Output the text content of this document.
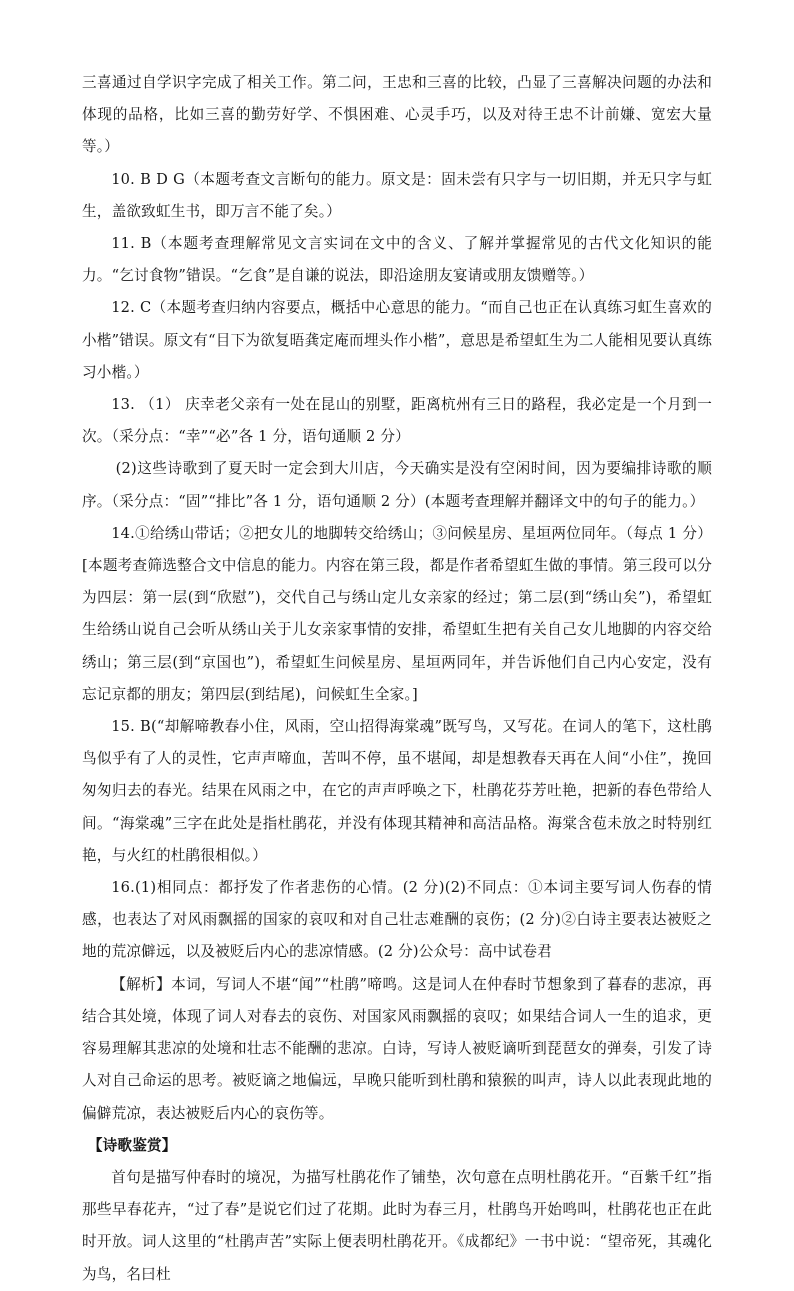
三喜通过自学识字完成了相关工作。第二问，王忠和三喜的比较，凸显了三喜解决问题的办法和体现的品格，比如三喜的勤劳好学、不惧困难、心灵手巧，以及对待王忠不计前嫌、宽宏大量等。）

10. B D G（本题考查文言断句的能力。原文是：固未尝有只字与一切旧期，并无只字与虹生，盖欲致虹生书，即万言不能了矣。）

11. B（本题考查理解常见文言实词在文中的含义、了解并掌握常见的古代文化知识的能力。“乞讨食物”错误。“乞食”是自谦的说法，即沿途朋友宴请或朋友馈赠等。）

12. C（本题考查归纳内容要点，概括中心意思的能力。“而自己也正在认真练习虹生喜欢的小楷”错误。原文有“目下为欲复晤龚定庵而埋头作小楷”，意思是希望虹生为二人能相见要认真练习小楷。）

13. （1） 庆幸老父亲有一处在昆山的别墅，距离杭州有三日的路程，我必定是一个月到一次。（采分点：“幸”“必”各 1 分，语句通顺 2 分）

(2)这些诗歌到了夏天时一定会到大川店，今天确实是没有空闲时间，因为要编排诗歌的顺序。（采分点：“固”“排比”各 1 分，语句通顺 2 分）(本题考查理解并翻译文中的句子的能力。）

14.①给绣山带话；②把女儿的地脚转交给绣山；③问候星房、星垣两位同年。（每点 1 分）[本题考查筛选整合文中信息的能力。内容在第三段，都是作者希望虹生做的事情。第三段可以分为四层：第一层(到“欣慰”)，交代自己与绣山定儿女亲家的经过；第二层(到“绣山矣”)，希望虹生给绣山说自己会听从绣山关于儿女亲家事情的安排，希望虹生把有关自己女儿地脚的内容交给绣山；第三层(到“京国也”)，希望虹生问候星房、星垣两同年，并告诉他们自己内心安定，没有忘记京都的朋友；第四层(到结尾)，问候虹生全家。]

15. B(“却解啼教春小住，风雨，空山招得海棠魂”既写鸟，又写花。在词人的笔下，这杜鹃鸟似乎有了人的灵性，它声声啼血，苦叫不停，虽不堪闻，却是想教春天再在人间“小住”，挽回匆匆归去的春光。结果在风雨之中，在它的声声呼唤之下，杜鹃花芬芳吐艳，把新的春色带给人间。“海棠魂”三字在此处是指杜鹃花，并没有体现其精神和高洁品格。海棠含苞未放之时特别红艳，与火红的杜鹃很相似。）

16.(1)相同点：都抒发了作者悲伤的心情。(2 分)(2)不同点：①本词主要写词人伤春的情感，也表达了对风雨飘摇的国家的哀叹和对自己壮志难酬的哀伤；(2 分)②白诗主要表达被贬之地的荒凉僻远，以及被贬后内心的悲凉情感。(2 分)公众号：高中试卷君

【解析】本词，写词人不堪“闻”“杜鹃”啼鸣。这是词人在仲春时节想象到了暮春的悲凉，再结合其处境，体现了词人对春去的哀伤、对国家风雨飘摇的哀叹；如果结合词人一生的追求，更容易理解其悲凉的处境和壮志不能酬的悲凉。白诗，写诗人被贬谪听到琵琶女的弹奏，引发了诗人对自己命运的思考。被贬谪之地偏远，早晚只能听到杜鹃和猿猴的叫声，诗人以此表现此地的偏僻荒凉，表达被贬后内心的哀伤等。

【诗歌鉴赏】

首句是描写仲春时的境况，为描写杜鹃花作了铺垫，次句意在点明杜鹃花开。“百紫千红”指那些早春花卉，“过了春”是说它们过了花期。此时为春三月，杜鹃鸟开始鸣叫，杜鹃花也正在此时开放。词人这里的“杜鹃声苦”实际上便表明杜鹃花开。《成都纪》一书中说：“望帝死，其魂化为鸟，名曰杜
